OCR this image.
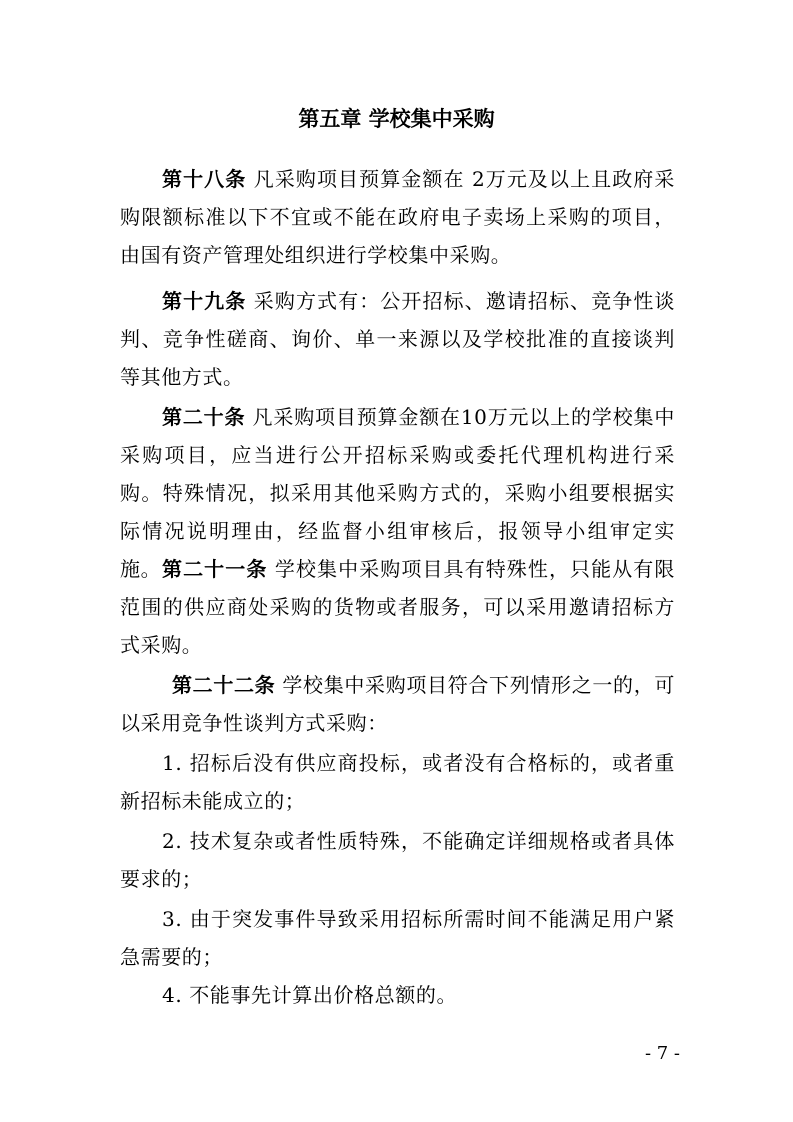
第五章 学校集中采购

第十八条 凡采购项目预算金额在 2万元及以上且政府采购限额标准以下不宜或不能在政府电子卖场上采购的项目，由国有资产管理处组织进行学校集中采购。

第十九条 采购方式有：公开招标、邀请招标、竞争性谈判、竞争性磋商、询价、单一来源以及学校批准的直接谈判等其他方式。

第二十条 凡采购项目预算金额在10万元以上的学校集中采购项目，应当进行公开招标采购或委托代理机构进行采购。特殊情况，拟采用其他采购方式的，采购小组要根据实际情况说明理由，经监督小组审核后，报领导小组审定实施。 第二十一条 学校集中采购项目具有特殊性，只能从有限范围的供应商处采购的货物或者服务，可以采用邀请招标方式采购。

第二十二条 学校集中采购项目符合下列情形之一的，可以采用竞争性谈判方式采购：

1. 招标后没有供应商投标，或者没有合格标的，或者重新招标未能成立的；

2. 技术复杂或者性质特殊，不能确定详细规格或者具体要求的；

3. 由于突发事件导致采用招标所需时间不能满足用户紧急需要的；

4. 不能事先计算出价格总额的。

- 7 -
